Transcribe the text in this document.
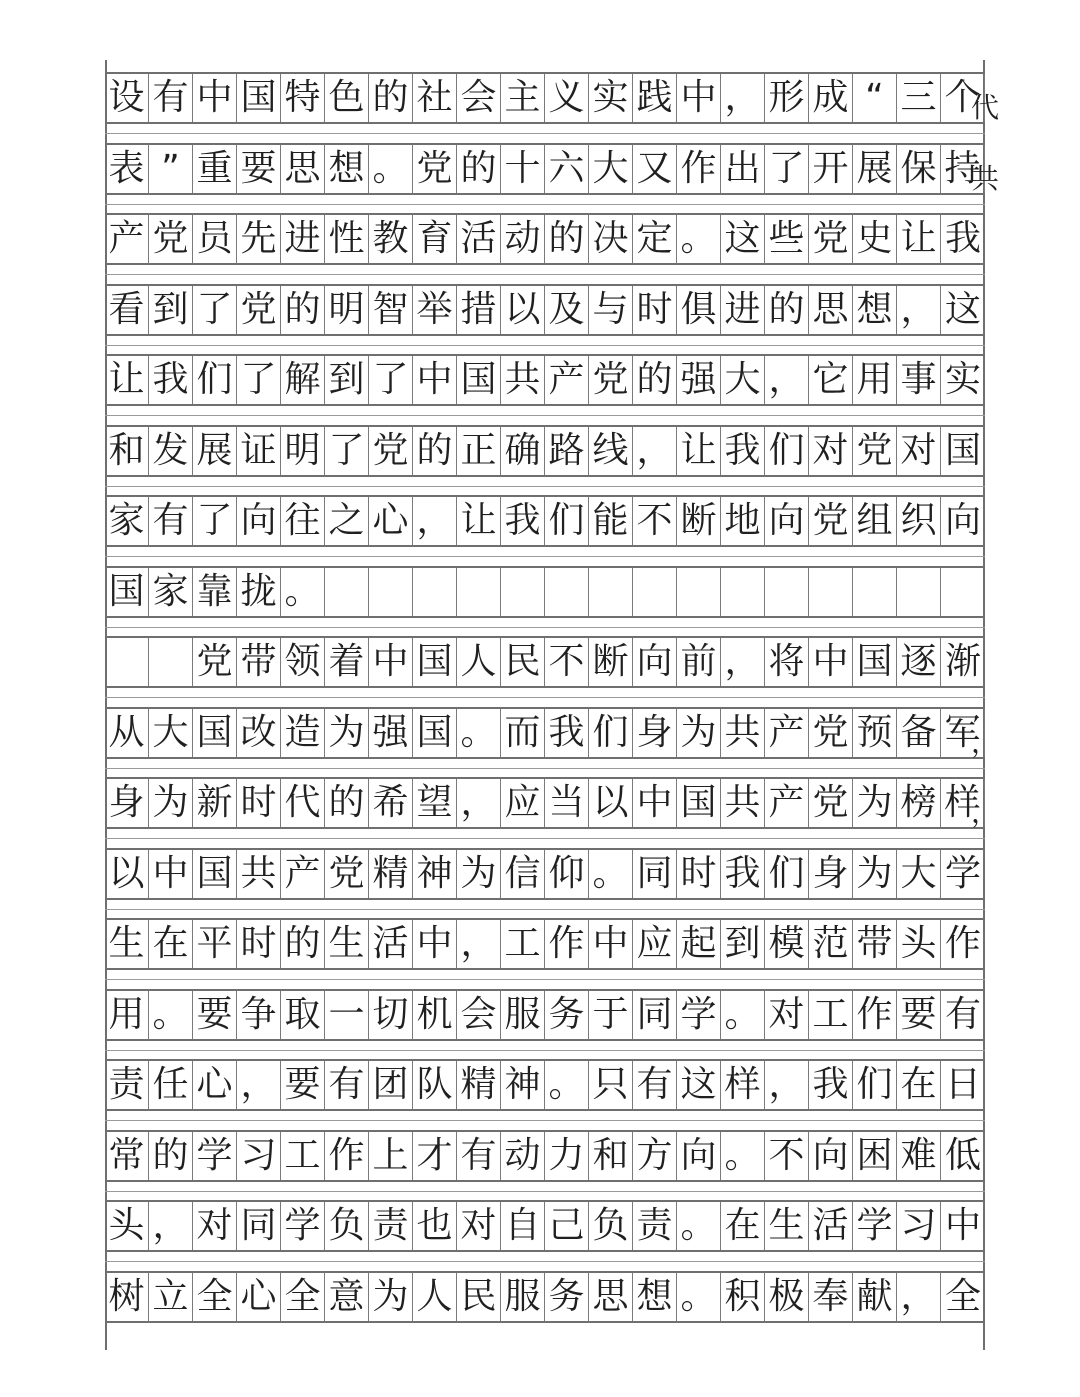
设 有 中 国 特 色 的 社 会 主 义 实 践 中 ， 形 成 “ 三 个
代
表 ” 重 要 思 想 。 党 的 十 六 大 又 作 出 了 开 展 保 持
共
产 党 员 先 进 性 教 育 活 动 的 决 定 。 这 些 党 史 让 我
看 到 了 党 的 明 智 举 措 以 及 与 时 俱 进 的 思 想 ， 这
让 我 们 了 解 到 了 中 国 共 产 党 的 强 大 ， 它 用 事 实
和 发 展 证 明 了 党 的 正 确 路 线 ， 让 我 们 对 党 对 国
家 有 了 向 往 之 心 ， 让 我 们 能 不 断 地 向 党 组 织 向
国 家 靠 拢 。

党 带 领 着 中 国 人 民 不 断 向 前 ， 将 中 国 逐 渐
从 大 国 改 造 为 强 国 。 而 我 们 身 为 共 产 党 预 备 军
，
身 为 新 时 代 的 希 望 ， 应 当 以 中 国 共 产 党 为 榜 样
，
以 中 国 共 产 党 精 神 为 信 仰 。 同 时 我 们 身 为 大 学
生 在 平 时 的 生 活 中 ， 工 作 中 应 起 到 模 范 带 头 作
用 。 要 争 取 一 切 机 会 服 务 于 同 学 。 对 工 作 要 有
责 任 心 ， 要 有 团 队 精 神 。 只 有 这 样 ， 我 们 在 日
常 的 学 习 工 作 上 才 有 动 力 和 方 向 。 不 向 困 难 低
头 ， 对 同 学 负 责 也 对 自 己 负 责 。 在 生 活 学 习 中
树 立 全 心 全 意 为 人 民 服 务 思 想 。 积 极 奉 献 ， 全
